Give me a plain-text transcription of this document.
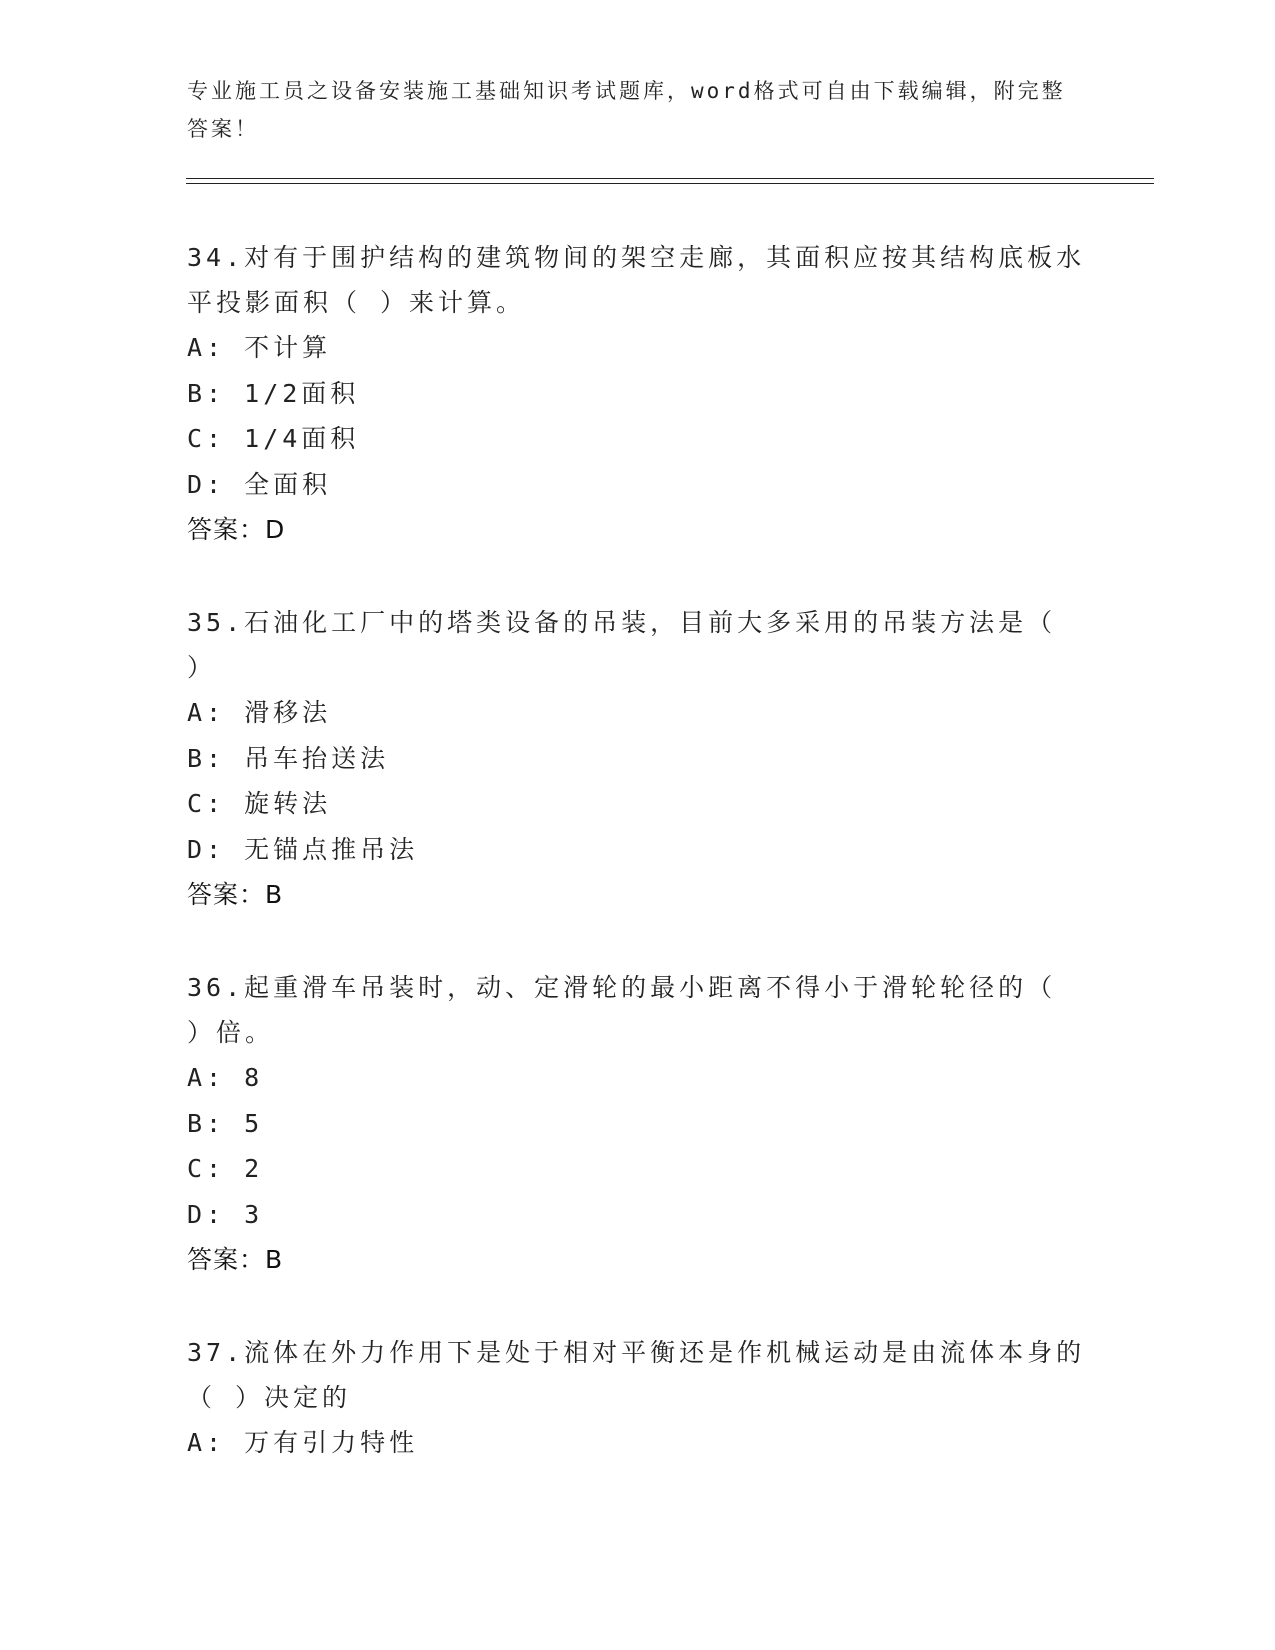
专业施工员之设备安装施工基础知识考试题库，word格式可自由下载编辑，附完整答案！
34.对有于围护结构的建筑物间的架空走廊，其面积应按其结构底板水平投影面积（ ）来计算。
A: 不计算
B: 1/2面积
C: 1/4面积
D: 全面积
答案：D
35.石油化工厂中的塔类设备的吊装，目前大多采用的吊装方法是（ ）
A: 滑移法
B: 吊车抬送法
C: 旋转法
D: 无锚点推吊法
答案：B
36.起重滑车吊装时，动、定滑轮的最小距离不得小于滑轮轮径的（ ）倍。
A: 8
B: 5
C: 2
D: 3
答案：B
37.流体在外力作用下是处于相对平衡还是作机械运动是由流体本身的（ ）决定的
A: 万有引力特性
